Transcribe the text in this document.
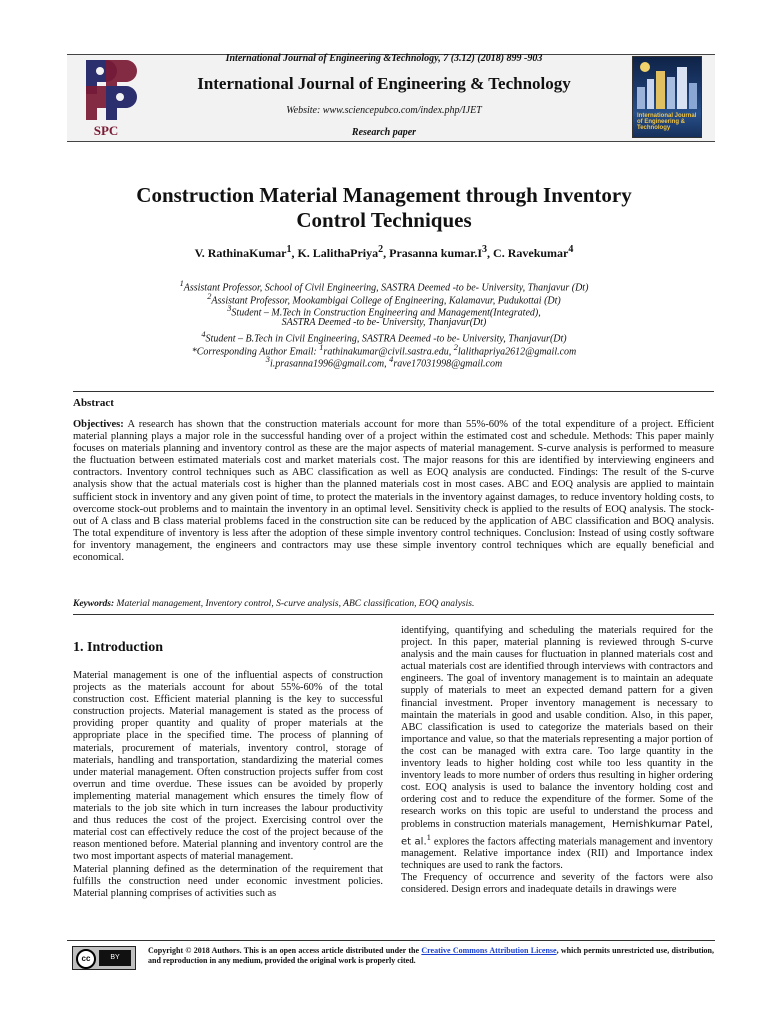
SPC
International Journal of Engineering &Technology, 7 (3.12) (2018) 899 -903
International Journal of Engineering & Technology
Website: www.sciencepubco.com/index.php/IJET
Research paper
International Journal of Engineering & Technology
Construction Material Management through Inventory
Control Techniques
V. RathinaKumar$^1$, K. LalithaPriya$^2$, Prasanna $kumar.I^3$, C. Ravekumar$^4$
$^1$Assistant Professor, School of Civil Engineering, SASTRA Deemed -to be- University, Thanjavur (Dt)
$^2$Assistant Professor, Mookambigai College of Engineering, Kalamavur, Pudukottai (Dt)
$^3$Student – M.Tech in Construction Engineering and Management(Integrated),
SASTRA Deemed -to be- University, Thanjavur(Dt)
$^4$Student – B.Tech in Civil Engineering, SASTRA Deemed -to be- University, Thanjavur(Dt)
*Corresponding Author Email: $^1$rathinakumar@civil.sastra.edu, $^2$lalithapriya2612@gmail.com
$^3$i.prasanna1996@gmail.com, $^4$rave17031998@gmail.com
Abstract
Objectives: A research has shown that the construction materials account for more than 55%-60% of the total expenditure of a project. Efficient material planning plays a major role in the successful handing over of a project within the estimated cost and schedule. Methods: This paper mainly focuses on materials planning and inventory control as these are the major aspects of material management. S-curve analysis is performed to measure the fluctuation between estimated materials cost and market materials cost. The major reasons for this are identified by interviewing engineers and contractors. Inventory control techniques such as ABC classification as well as EOQ analysis are conducted. Findings: The result of the S-curve analysis show that the actual materials cost is higher than the planned materials cost in most cases. ABC and EOQ analysis are applied to maintain sufficient stock in inventory and any given point of time, to protect the materials in the inventory against damages, to reduce inventory holding costs, to overcome stock-out problems and to maintain the inventory in an optimal level. Sensitivity check is applied to the results of EOQ analysis. The stock-out of A class and B class material problems faced in the construction site can be reduced by the application of ABC classification and BOQ analysis. The total expenditure of inventory is less after the adoption of these simple inventory control techniques. Conclusion: Instead of using costly software for inventory management, the engineers and contractors may use these simple inventory control techniques which are equally beneficial and economical.
Keywords: Material management, Inventory control, S-curve analysis, ABC classification, EOQ analysis.
1. Introduction

Material management is one of the influential aspects of construction projects as the materials account for about 55%-60% of the total construction cost. Efficient material planning is the key to successful construction projects. Material management is stated as the process of providing proper quantity and quality of proper materials at the appropriate place in the specified time. The process of planning of materials, procurement of materials, inventory control, storage of materials, handling and transportation, standardizing the material comes under material management. Often construction projects suffer from cost overrun and time overdue. These issues can be avoided by properly implementing material management which ensures the timely flow of materials to the job site which in turn increases the labour productivity and thus reduces the cost of the project. Exercising control over the material cost can effectively reduce the cost of the project because of the reason mentioned before. Material planning and inventory control are the two most important aspects of material management.

Material planning defined as the determination of the requirement that fulfills the construction need under economic investment policies. Material planning comprises of activities such as

identifying, quantifying and scheduling the materials required for the project. In this paper, material planning is reviewed through S-curve analysis and the main causes for fluctuation in planned materials cost and actual materials cost are identified through interviews with contractors and engineers. The goal of inventory management is to maintain an adequate supply of materials to meet an expected demand pattern for a given financial investment. Proper inventory management is necessary to maintain the materials in good and usable condition. Also, in this paper, ABC classification is used to categorize the materials based on their importance and value, so that the materials representing a major portion of the cost can be managed with extra care. Too large quantity in the inventory leads to higher holding cost while too less quantity in the inventory leads to more number of orders thus resulting in higher ordering cost. EOQ analysis is used to balance the inventory holding cost and ordering cost and to reduce the expenditure of the former. Some of the research works on this topic are useful to understand the process and problems in construction materials management, Hemishkumar Patel, et al.$^1$ explores the factors affecting materials management and inventory management. Relative importance index (RII) and Importance index techniques are used to rank the factors.

The Frequency of occurrence and severity of the factors were also considered. Design errors and inadequate details in drawings were

cc	BY
Copyright © 2018 Authors. This is an open access article distributed under the Creative Commons Attribution License, which permits unrestricted use, distribution, and reproduction in any medium, provided the original work is properly cited.
